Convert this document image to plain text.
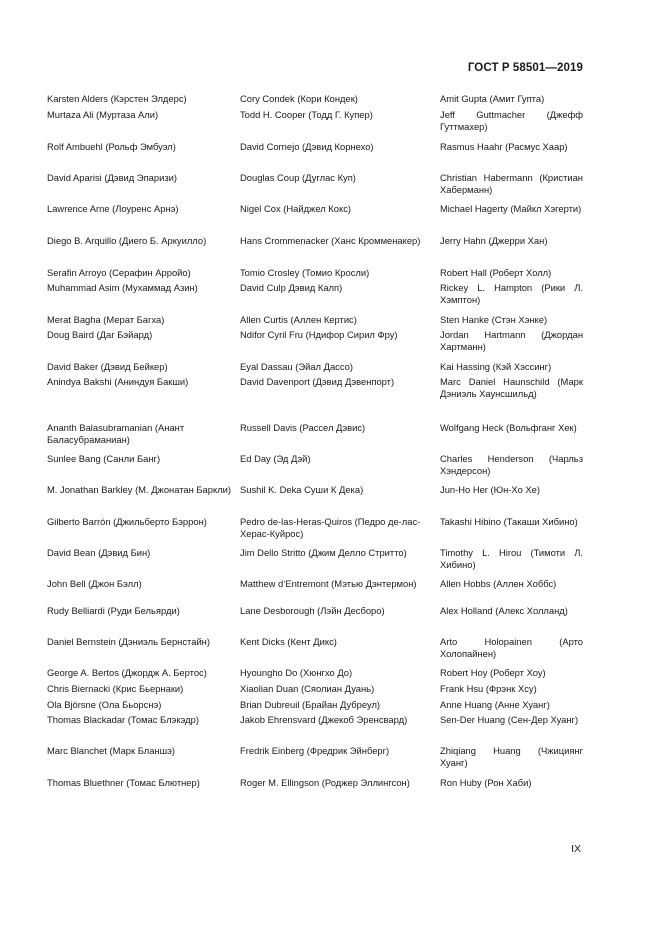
ГОСТ Р 58501—2019
Karsten Alders (Кэрстен Элдерс)
Murtaza Ali (Муртаза Али)
Rolf Ambuehl (Рольф Эмбуэл)
David Aparisi (Дэвид Эпаризи)
Lawrence Arne (Лоуренс Арнэ)
Diego B. Arquillo (Диего Б. Аркуилло)
Serafin Arroyo (Серафин Арройо)
Muhammad Asim (Мухаммад Азин)
Merat Bagha (Мерат Багха)
Doug Baird (Даг Бэйард)
David Baker (Дэвид Бейкер)
Anindya Bakshi (Аниндуя Бакши)
Ananth Balasubramanian (Анант Баласубраманиан)
Sunlee Bang (Санли Банг)
M. Jonathan Barkley (М. Джонатан Баркли)
Gilberto Barrón (Джильберто Бэррон)
David Bean (Дэвид Бин)
John Bell (Джон Бэлл)
Rudy Belliardi (Руди Бельярди)
Daniel Bernstein (Дэниэль Бернстайн)
George A. Bertos (Джордж А. Бертос)
Chris Biernacki (Крис Бьернаки)
Ola Björsne (Ола Бьорснэ)
Thomas Blackadar (Томас Блэкэдр)
Marc Blanchet (Марк Бланшэ)
Thomas Bluethner (Томас Блютнер)
Cory Condek (Кори Кондек)
Todd H. Cooper (Тодд Г. Купер)
David Cornejo (Дэвид Корнехо)
Douglas Coup (Дуглас Куп)
Nigel Cox (Найджел Кокс)
Hans Crommenacker (Ханс Кромменакер)
Tomio Crosley (Томио Кросли)
David Culp Дэвид Калп)
Allen Curtis (Аллен Кертис)
Ndifor Cyril Fru (Ндифор Сирил Фру)
Eyal Dassau (Эйал Дассо)
David Davenport (Дэвид Дэвенпорт)
Russell Davis (Рассел Дэвис)
Ed Day (Эд Дэй)
Sushil K. Deka Суши К Дека)
Pedro de-las-Heras-Quiros (Педро де-лас-Херас-Куйрос)
Jim Dello Stritto (Джим Делло Стритто)
Matthew d’Entremont (Мэтью Дэнтермон)
Lane Desborough (Лэйн Десборо)
Kent Dicks (Кент Дикс)
Hyoungho Do (Хюнгхо До)
Xiaolian Duan (Сяолиан Дуань)
Brian Dubreuil (Брайан Дубреул)
Jakob Ehrensvard (Джекоб Эренсвард)
Fredrik Einberg (Фредрик Эйнберг)
Roger M. Ellingson (Роджер Эллингсон)
Amit Gupta (Амит Гупта)
Jeff Guttmacher (Джефф Гуттмахер)
Rasmus Haahr (Расмус Хаар)
Christian Habermann (Кристиан Хаберманн)
Michael Hagerty (Майкл Хэгерти)
Jerry Hahn (Джерри Хан)
Robert Hall (Роберт Холл)
Rickey L. Hampton (Рики Л. Хэмптон)
Sten Hanke (Стэн Хэнке)
Jordan Hartmann (Джордан Хартманн)
Kai Hassing (Кэй Хэссинг)
Marc Daniel Haunschild (Марк Дэниэль Хаунсшильд)
Wolfgang Heck (Вольфганг Хек)
Charles Henderson (Чарльз Хэндерсон)
Jun-Ho Her (Юн-Хо Хе)
Takashi Hibino (Такаши Хибино)
Timothy L. Hirou (Тимоти Л. Хибино)
Allen Hobbs (Аллен Хоббс)
Alex Holland (Алекс Холланд)
Arto Holopainen (Арто Холопайнен)
Robert Hoy (Роберт Хоу)
Frank Hsu (Фрэнк Хсу)
Anne Huang (Анне Хуанг)
Sen-Der Huang (Сен-Дер Хуанг)
Zhiqiang Huang (Чжициянг Хуанг)
Ron Huby (Рон Хаби)
IX
